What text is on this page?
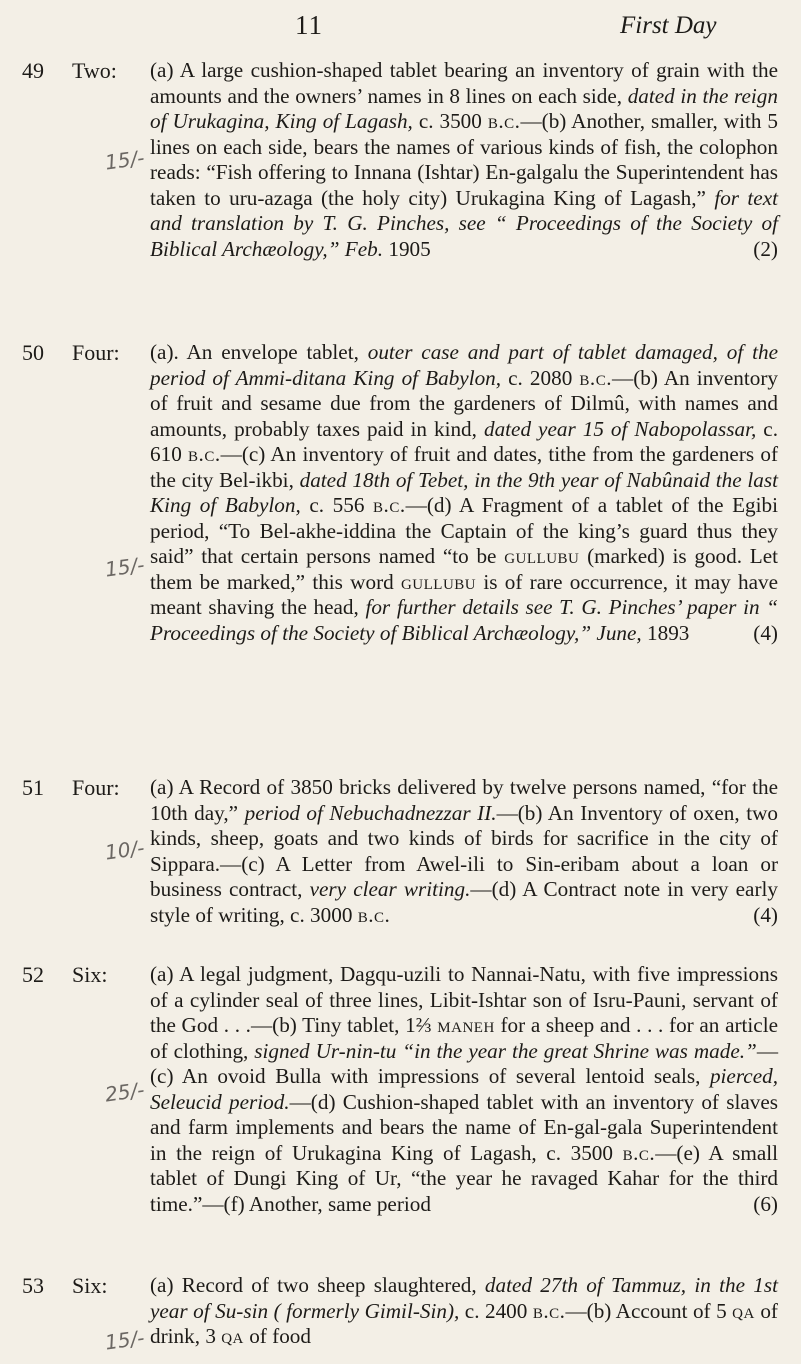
11	First Day
49 Two: (a) A large cushion-shaped tablet bearing an inventory of grain with the amounts and the owners’ names in 8 lines on each side, dated in the reign of Urukagina, King of Lagash, c. 3500 b.c.—(b) Another, smaller, with 5 lines on each side, bears the names of various kinds of fish, the colophon reads: “Fish offering to Innana (Ishtar) En-galgalu the Superintendent has taken to uru-azaga (the holy city) Urukagina King of Lagash,” for text and translation by T. G. Pinches, see “ Proceedings of the Society of Biblical Archæology,” Feb. 1905	(2)

15/-
50 Four: (a). An envelope tablet, outer case and part of tablet damaged, of the period of Ammi-ditana King of Babylon, c. 2080 b.c.—(b) An inventory of fruit and sesame due from the gardeners of Dilmû, with names and amounts, probably taxes paid in kind, dated year 15 of Nabopolassar, c. 610 b.c.—(c) An inventory of fruit and dates, tithe from the gardeners of the city Bel-ikbi, dated 18th of Tebet, in the 9th year of Nabûnaid the last King of Babylon, c. 556 b.c.—(d) A Fragment of a tablet of the Egibi period, “To Bel-akhe-iddina the Captain of the king’s guard thus they said” that certain persons named “to be gullubu (marked) is good. Let them be marked,” this word gullubu is of rare occurrence, it may have meant shaving the head, for further details see T. G. Pinches’ paper in “ Proceedings of the Society of Biblical Archæology,” June, 1893	(4)

15/-
51 Four: (a) A Record of 3850 bricks delivered by twelve persons named, “for the 10th day,” period of Nebuchadnezzar II.—(b) An Inventory of oxen, two kinds, sheep, goats and two kinds of birds for sacrifice in the city of Sippara.—(c) A Letter from Awel-ili to Sin-eribam about a loan or business contract, very clear writing.—(d) A Contract note in very early style of writing, c. 3000 b.c.	(4)

10/-
52 Six: (a) A legal judgment, Dagqu-uzili to Nannai-Natu, with five impressions of a cylinder seal of three lines, Libit-Ishtar son of Isru-Pauni, servant of the God . . .—(b) Tiny tablet, 1⅔ maneh for a sheep and . . . for an article of clothing, signed Ur-nin-tu “in the year the great Shrine was made.”—(c) An ovoid Bulla with impressions of several lentoid seals, pierced, Seleucid period.—(d) Cushion-shaped tablet with an inventory of slaves and farm implements and bears the name of En-gal-gala Superintendent in the reign of Urukagina King of Lagash, c. 3500 b.c.—(e) A small tablet of Dungi King of Ur, “the year he ravaged Kahar for the third time.”—(f) Another, same period	(6)

25/-
53 Six: (a) Record of two sheep slaughtered, dated 27th of Tammuz, in the 1st year of Su-sin ( formerly Gimil-Sin), c. 2400 b.c.—(b) Account of 5 qa of drink, 3 qa of food

15/-
